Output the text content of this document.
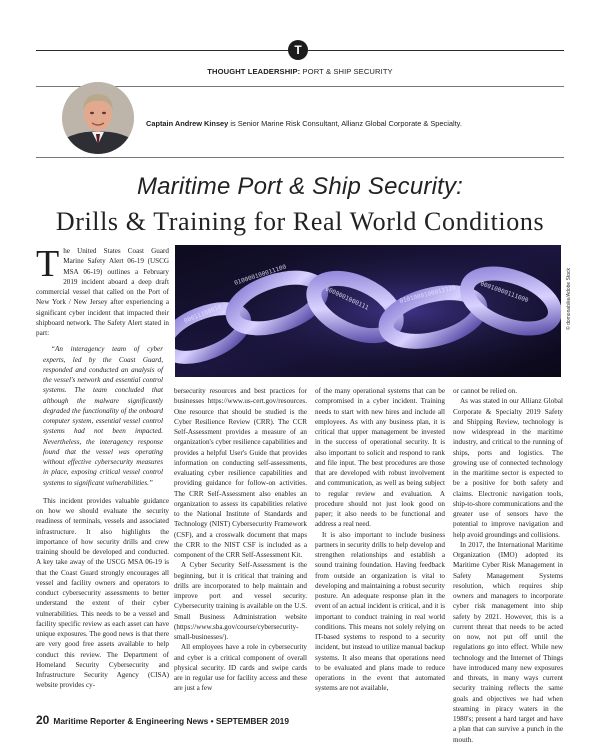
T
THOUGHT LEADERSHIP: PORT & SHIP SECURITY
Captain Andrew Kinsey is Senior Marine Risk Consultant, Allianz Global Corporate & Specialty.
Maritime Port & Ship Security:
Drills & Training for Real World Conditions

The United States Coast Guard Marine Safety Alert 06-19 (USCG MSA 06-19) outlines a February 2019 incident aboard a deep draft commercial vessel that called on the Port of New York / New Jersey after experiencing a significant cyber incident that impacted their shipboard network. The Safety Alert stated in part:

“An interagency team of cyber experts, led by the Coast Guard, responded and conducted an analysis of the vessel's network and essential control systems. The team concluded that although the malware significantly degraded the functionality of the onboard computer system, essential vessel control systems had not been impacted. Nevertheless, the interagency response found that the vessel was operating without effective cybersecurity measures in place, exposing critical vessel control systems to significant vulnerabilities.”

This incident provides valuable guidance on how we should evaluate the security readiness of terminals, vessels and associated infrastructure. It also highlights the importance of how security drills and crew training should be developed and conducted. A key take away of the USCG MSA 06-19 is that the Coast Guard strongly encourages all vessel and facility owners and operators to conduct cybersecurity assessments to better understand the extent of their cyber vulnerabilities. This needs to be a vessel and facility specific review as each asset can have unique exposures. The good news is that there are very good free assets available to help conduct this review. The Department of Homeland Security Cybersecurity and Infrastructure Security Agency (CISA) website provides cy-

010000100011100
0000001000111	0101000100011110	00010000111000
00011100010	© domonabike/Adobe Stock

bersecurity resources and best practices for businesses https://www.us-cert.gov/resources. One resource that should be studied is the Cyber Resilience Review (CRR). The CCR Self-Assessment provides a measure of an organization's cyber resilience capabilities and provides a helpful User's Guide that provides information on conducting self-assessments, evaluating cyber resilience capabilities and providing guidance for follow-on activities. The CRR Self-Assessment also enables an organization to assess its capabilities relative to the National Institute of Standards and Technology (NIST) Cybersecurity Framework (CSF), and a crosswalk document that maps the CRR to the NIST CSF is included as a component of the CRR Self-Assessment Kit.

A Cyber Security Self-Assessment is the beginning, but it is critical that training and drills are incorporated to help maintain and improve port and vessel security. Cybersecurity training is available on the U.S. Small Business Administration website (https://www.sba.gov/course/cybersecurity-small-businesses/).

All employees have a role in cybersecurity and cyber is a critical component of overall physical security. ID cards and swipe cards are in regular use for facility access and these are just a few

of the many operational systems that can be compromised in a cyber incident. Training needs to start with new hires and include all employees. As with any business plan, it is critical that upper management be invested in the success of operational security. It is also important to solicit and respond to rank and file input. The best procedures are those that are developed with robust involvement and communication, as well as being subject to regular review and evaluation. A procedure should not just look good on paper; it also needs to be functional and address a real need.

It is also important to include business partners in security drills to help develop and strengthen relationships and establish a sound training foundation. Having feedback from outside an organization is vital to developing and maintaining a robust security posture. An adequate response plan in the event of an actual incident is critical, and it is important to conduct training in real world conditions. This means not solely relying on IT-based systems to respond to a security incident, but instead to utilize manual backup systems. It also means that operations need to be evaluated and plans made to reduce operations in the event that automated systems are not available,

or cannot be relied on.

As was stated in our Allianz Global Corporate & Specialty 2019 Safety and Shipping Review, technology is now widespread in the maritime industry, and critical to the running of ships, ports and logistics. The growing use of connected technology in the maritime sector is expected to be a positive for both safety and claims. Electronic navigation tools, ship-to-shore communications and the greater use of sensors have the potential to improve navigation and help avoid groundings and collisions.

In 2017, the International Maritime Organization (IMO) adopted its Maritime Cyber Risk Management in Safety Management Systems resolution, which requires ship owners and managers to incorporate cyber risk management into ship safety by 2021. However, this is a current threat that needs to be acted on now, not put off until the regulations go into effect. While new technology and the Internet of Things have introduced many new exposures and threats, in many ways current security training reflects the same goals and objectives we had when steaming in piracy waters in the 1980's; present a hard target and have a plan that can survive a punch in the mouth.

20 Maritime Reporter & Engineering News • SEPTEMBER 2019
